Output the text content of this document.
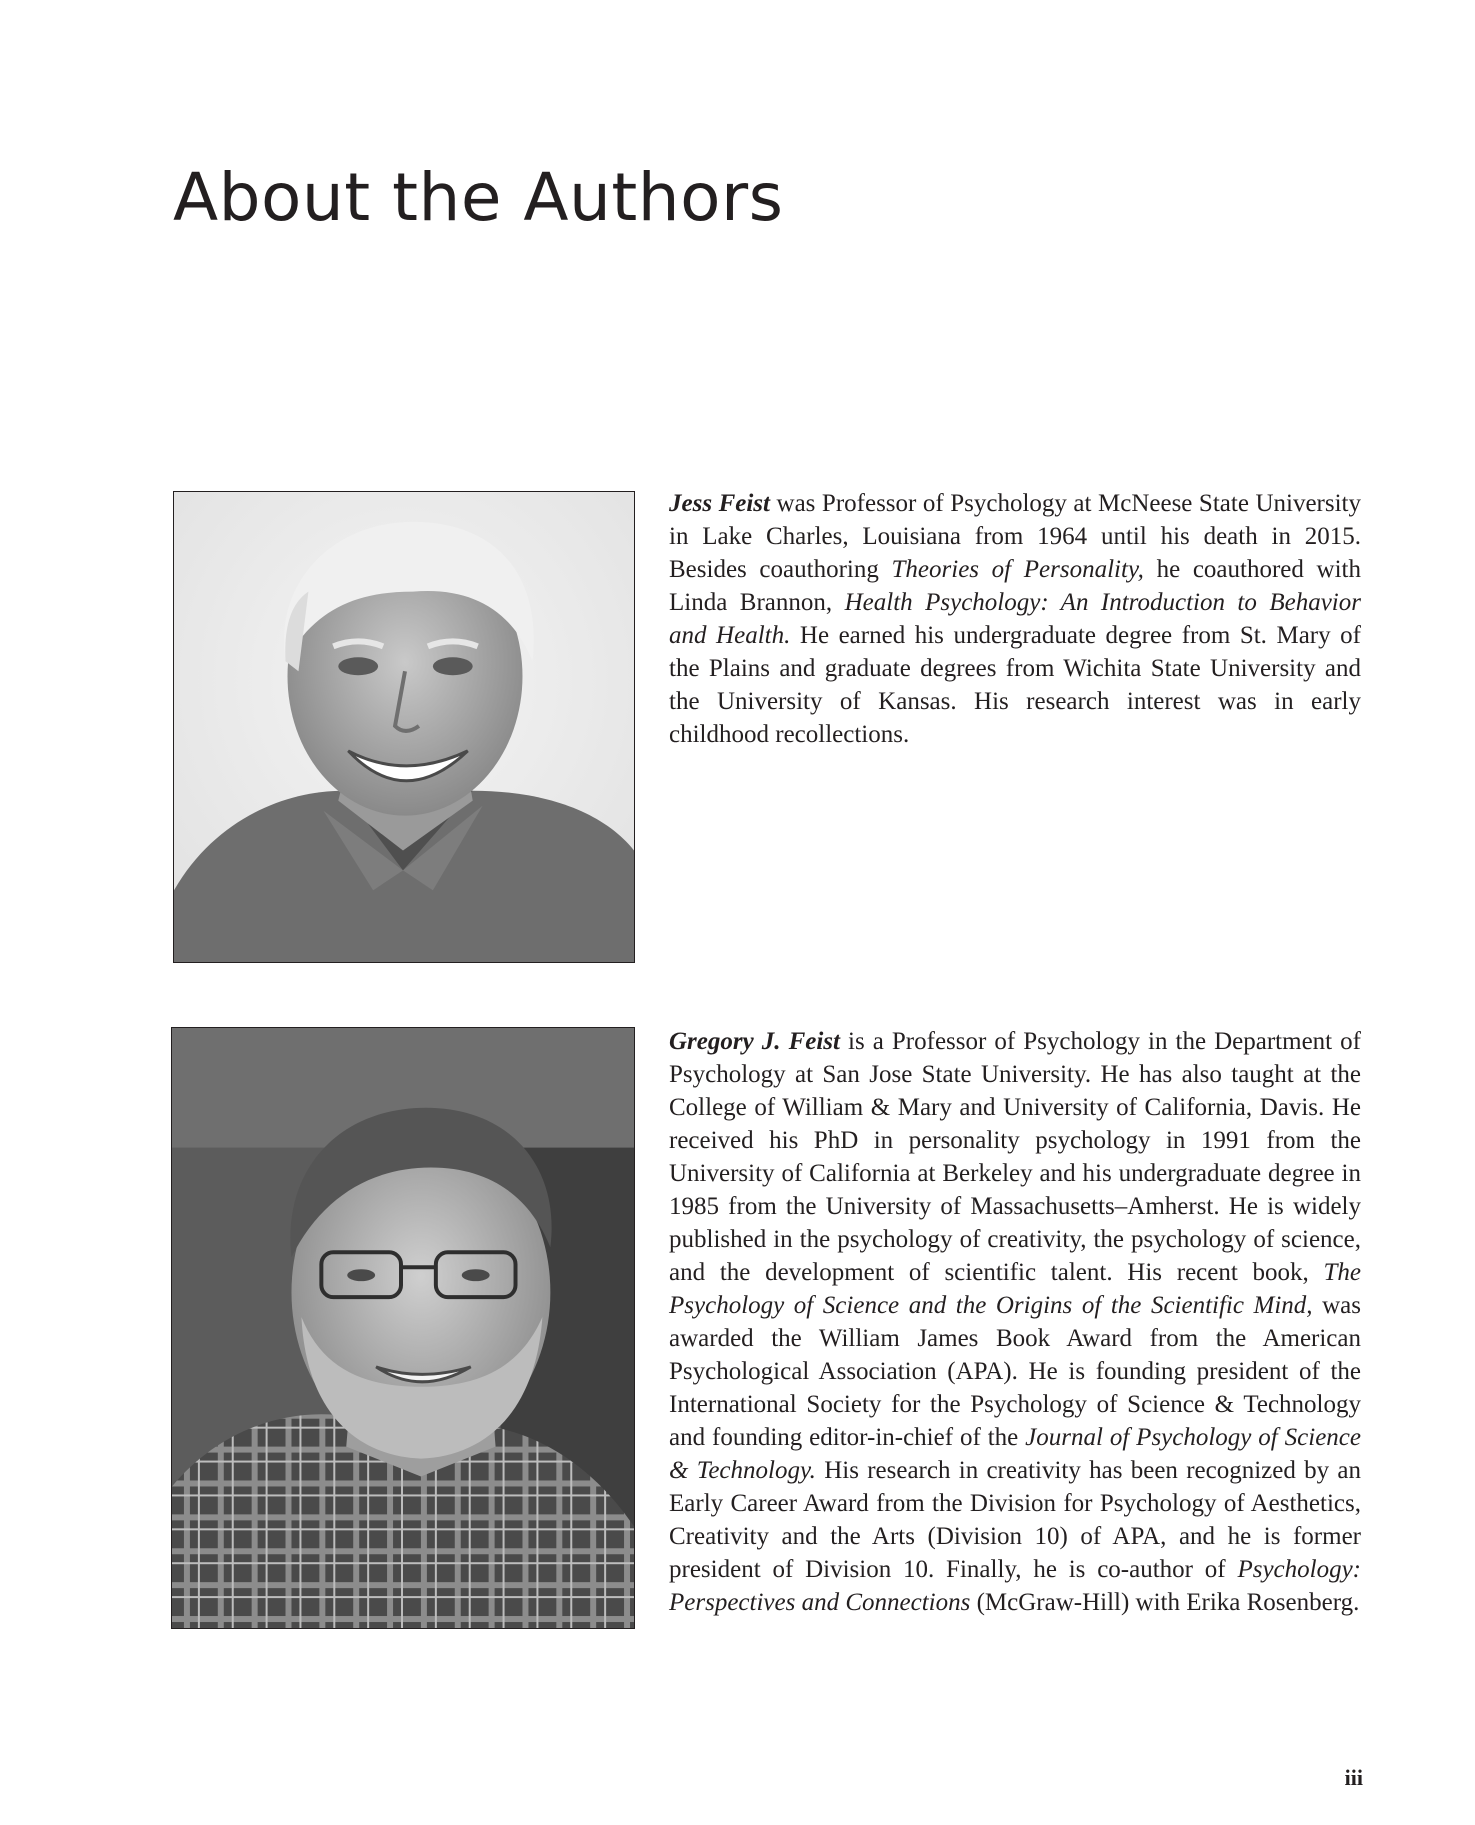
About the Authors

Jess Feist was Professor of Psychology at McNeese State University in Lake Charles, Louisiana from 1964 until his death in 2015. Besides coauthoring Theories of Personality, he coauthored with Linda Brannon, Health Psychology: An Introduction to Behavior and Health. He earned his undergraduate degree from St. Mary of the Plains and graduate degrees from Wichita State University and the University of Kansas. His research interest was in early childhood recollections.

Gregory J. Feist is a Professor of Psychology in the Department of Psychology at San Jose State University. He has also taught at the College of William & Mary and University of California, Davis. He received his PhD in personality psychology in 1991 from the University of California at Berkeley and his undergraduate degree in 1985 from the University of Massachusetts–Amherst. He is widely published in the psychology of creativity, the psychology of science, and the development of scientific talent. His recent book, The Psychology of Science and the Origins of the Scientific Mind, was awarded the William James Book Award from the American Psychological Association (APA). He is founding president of the International Society for the Psychology of Science & Technology and founding editor-in-chief of the Journal of Psychology of Science & Technology. His research in creativity has been recognized by an Early Career Award from the Division for Psychology of Aesthetics, Creativity and the Arts (Division 10) of APA, and he is former president of Division 10. Finally, he is co-author of Psychology: Perspectives and Connections (McGraw-Hill) with Erika Rosenberg.

iii
